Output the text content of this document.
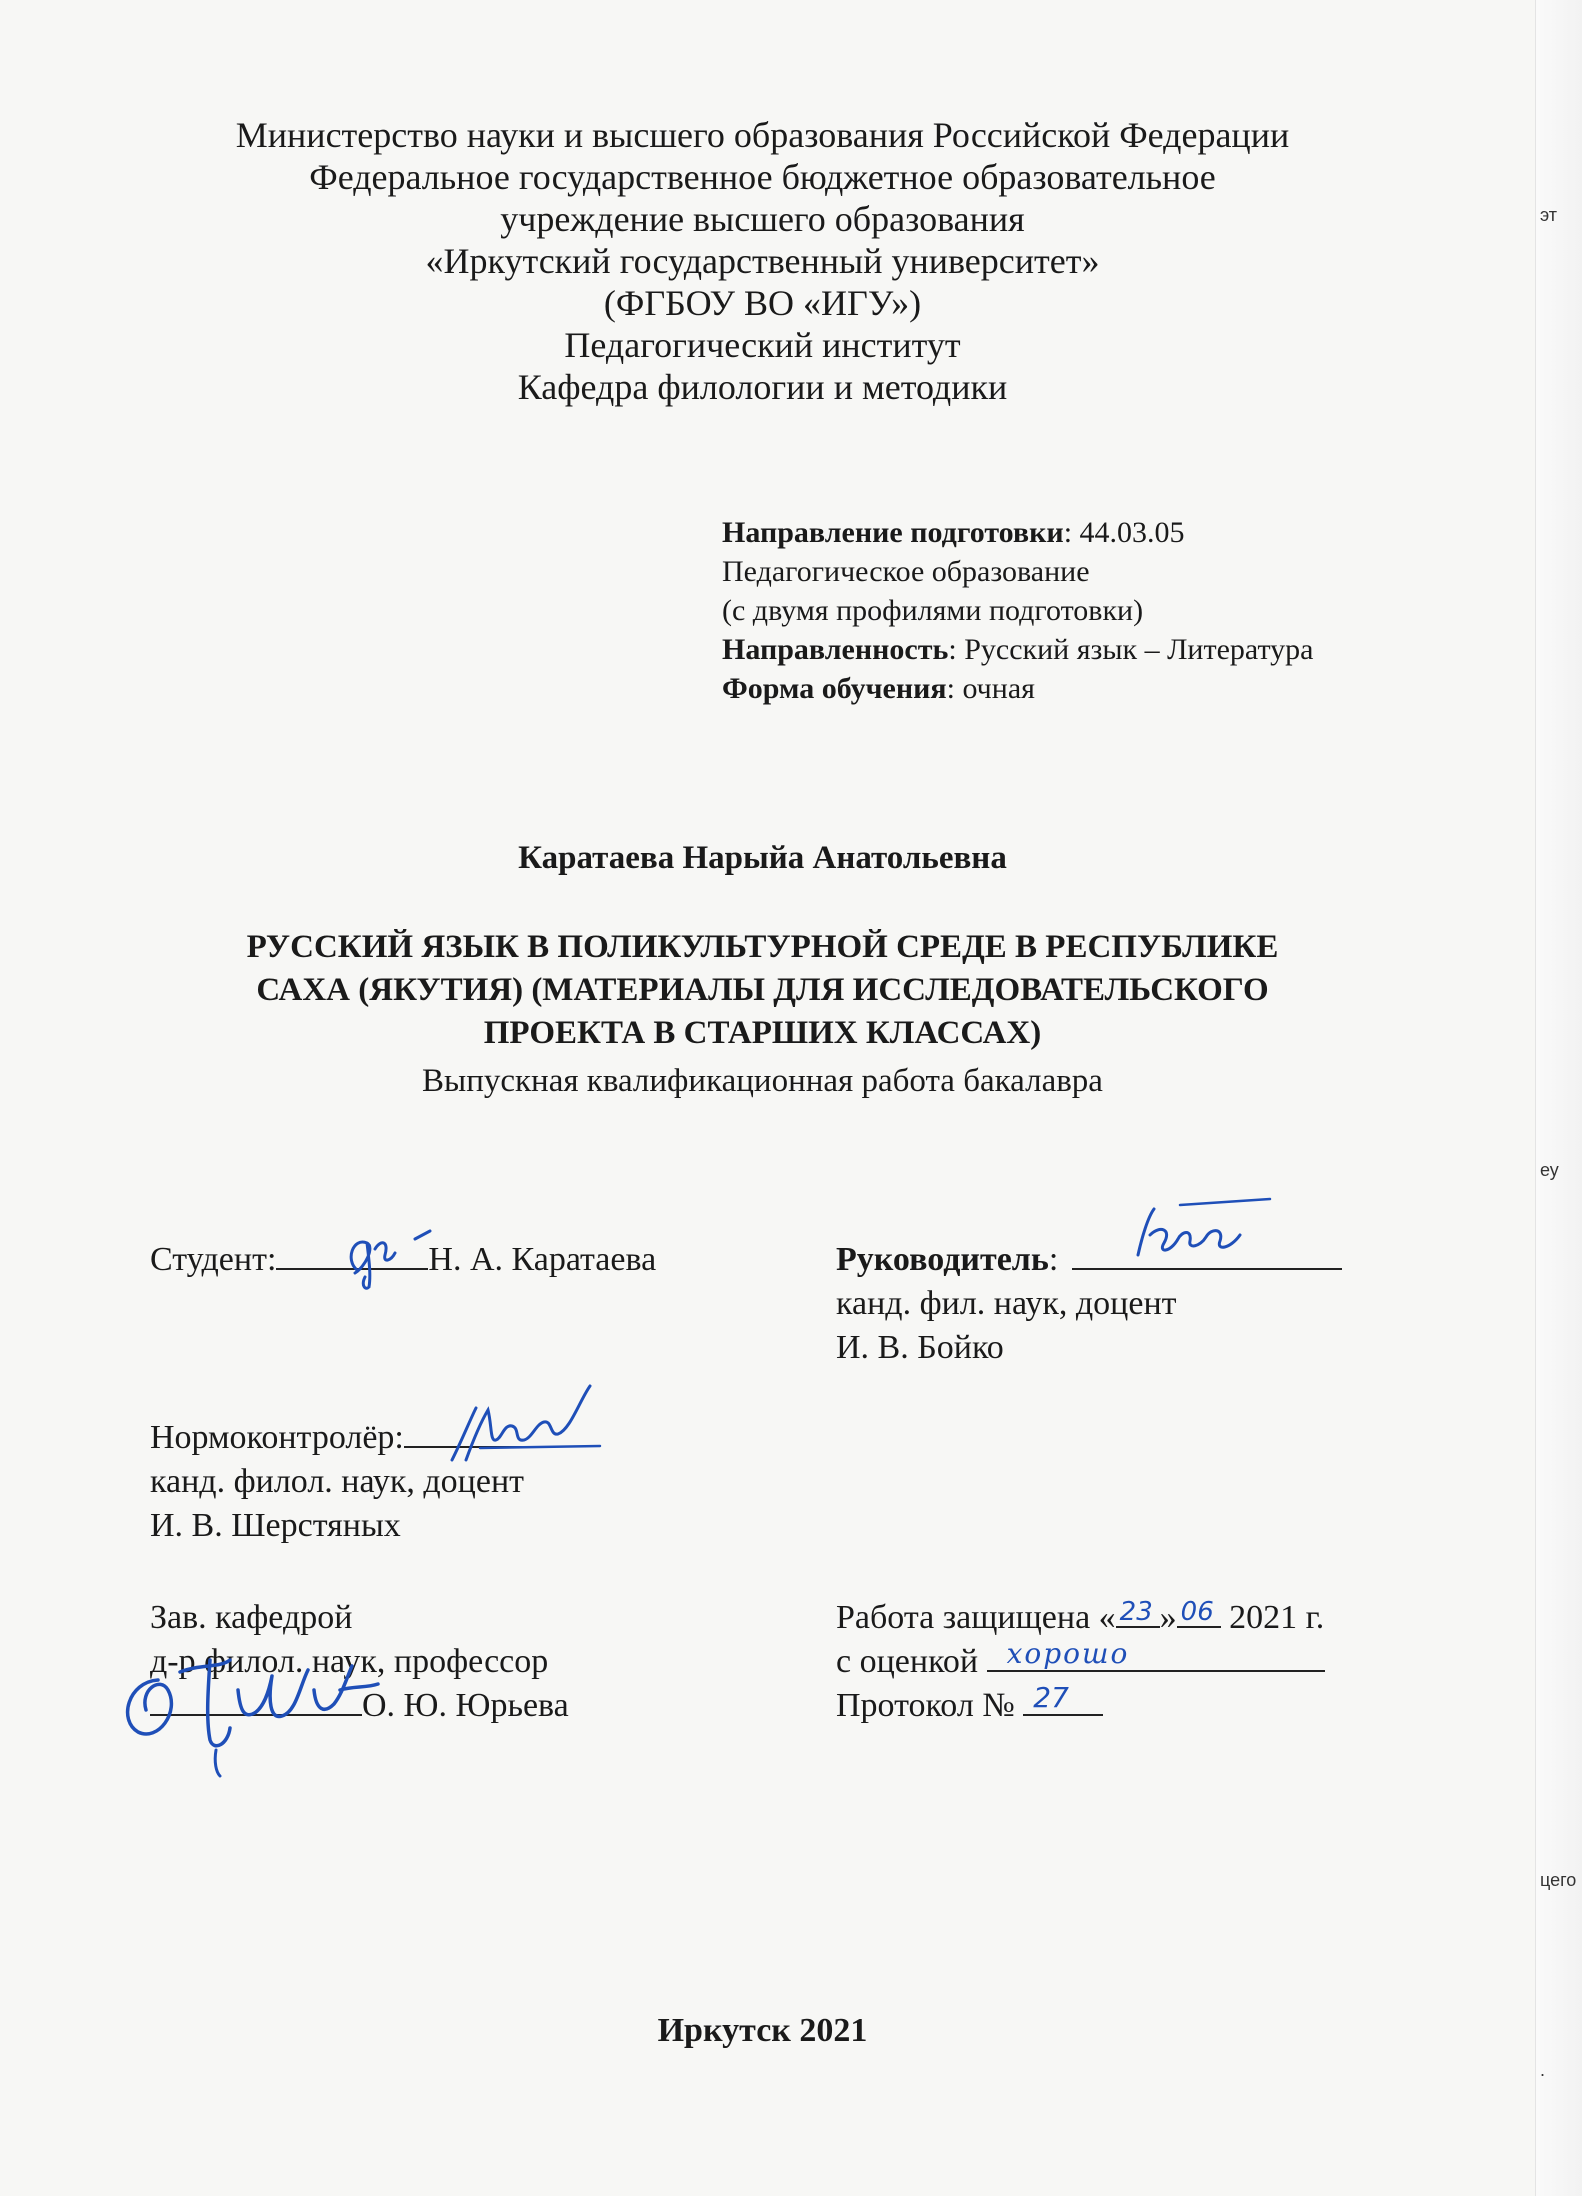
эт
еу
цего
.
Министерство науки и высшего образования Российской Федерации
Федеральное государственное бюджетное образовательное
учреждение высшего образования
«Иркутский государственный университет»
(ФГБОУ ВО «ИГУ»)
Педагогический институт
Кафедра филологии и методики
Направление подготовки: 44.03.05
Педагогическое образование
(с двумя профилями подготовки)
Направленность: Русский язык – Литература
Форма обучения: очная
Каратаева Нарыйа Анатольевна
РУССКИЙ ЯЗЫК В ПОЛИКУЛЬТУРНОЙ СРЕДЕ В РЕСПУБЛИКЕ
САХА (ЯКУТИЯ) (МАТЕРИАЛЫ ДЛЯ ИССЛЕДОВАТЕЛЬСКОГО
ПРОЕКТА В СТАРШИХ КЛАССАХ)
Выпускная квалификационная работа бакалавра
Студент:	Н. А. Каратаева	Руководитель:
канд. фил. наук, доцент
И. В. Бойко
Нормоконтролёр:
канд. филол. наук, доцент
И. В. Шерстяных
Зав. кафедрой
д-р филол. наук, профессор
О. Ю. Юрьева
Работа защищена « 23 » 06 2021 г.
с оценкой хорошо
Протокол № 27
Иркутск 2021
